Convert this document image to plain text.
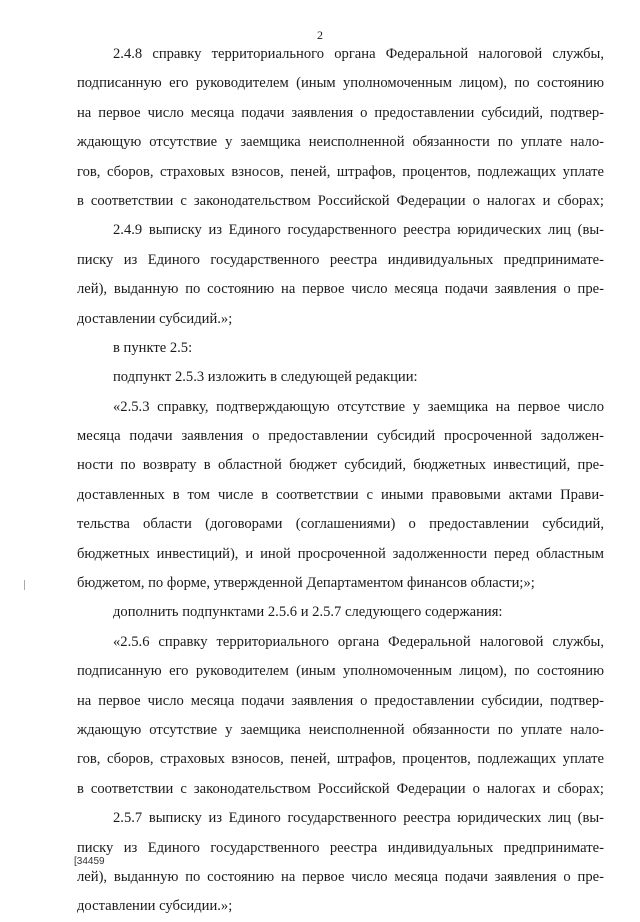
2
2.4.8 справку территориального органа Федеральной налоговой службы,
подписанную его руководителем (иным уполномоченным лицом), по состоянию
на первое число месяца подачи заявления о предоставлении субсидий, подтвер-
ждающую отсутствие у заемщика неисполненной обязанности по уплате нало-
гов, сборов, страховых взносов, пеней, штрафов, процентов, подлежащих уплате
в соответствии с законодательством Российской Федерации о налогах и сборах;
2.4.9 выписку из Единого государственного реестра юридических лиц (вы-
писку из Единого государственного реестра индивидуальных предпринимате-
лей), выданную по состоянию на первое число месяца подачи заявления о пре-
доставлении субсидий.»;
в пункте 2.5:
подпункт 2.5.3 изложить в следующей редакции:
«2.5.3 справку, подтверждающую отсутствие у заемщика на первое число
месяца подачи заявления о предоставлении субсидий просроченной задолжен-
ности по возврату в областной бюджет субсидий, бюджетных инвестиций, пре-
доставленных в том числе в соответствии с иными правовыми актами Прави-
тельства области (договорами (соглашениями) о предоставлении субсидий,
бюджетных инвестиций), и иной просроченной задолженности перед областным
бюджетом, по форме, утвержденной Департаментом финансов области;»;
дополнить подпунктами 2.5.6 и 2.5.7 следующего содержания:
«2.5.6 справку территориального органа Федеральной налоговой службы,
подписанную его руководителем (иным уполномоченным лицом), по состоянию
на первое число месяца подачи заявления о предоставлении субсидии, подтвер-
ждающую отсутствие у заемщика неисполненной обязанности по уплате нало-
гов, сборов, страховых взносов, пеней, штрафов, процентов, подлежащих уплате
в соответствии с законодательством Российской Федерации о налогах и сборах;
2.5.7 выписку из Единого государственного реестра юридических лиц (вы-
писку из Единого государственного реестра индивидуальных предпринимате-
лей), выданную по состоянию на первое число месяца подачи заявления о пре-
доставлении субсидии.»;
[34459
